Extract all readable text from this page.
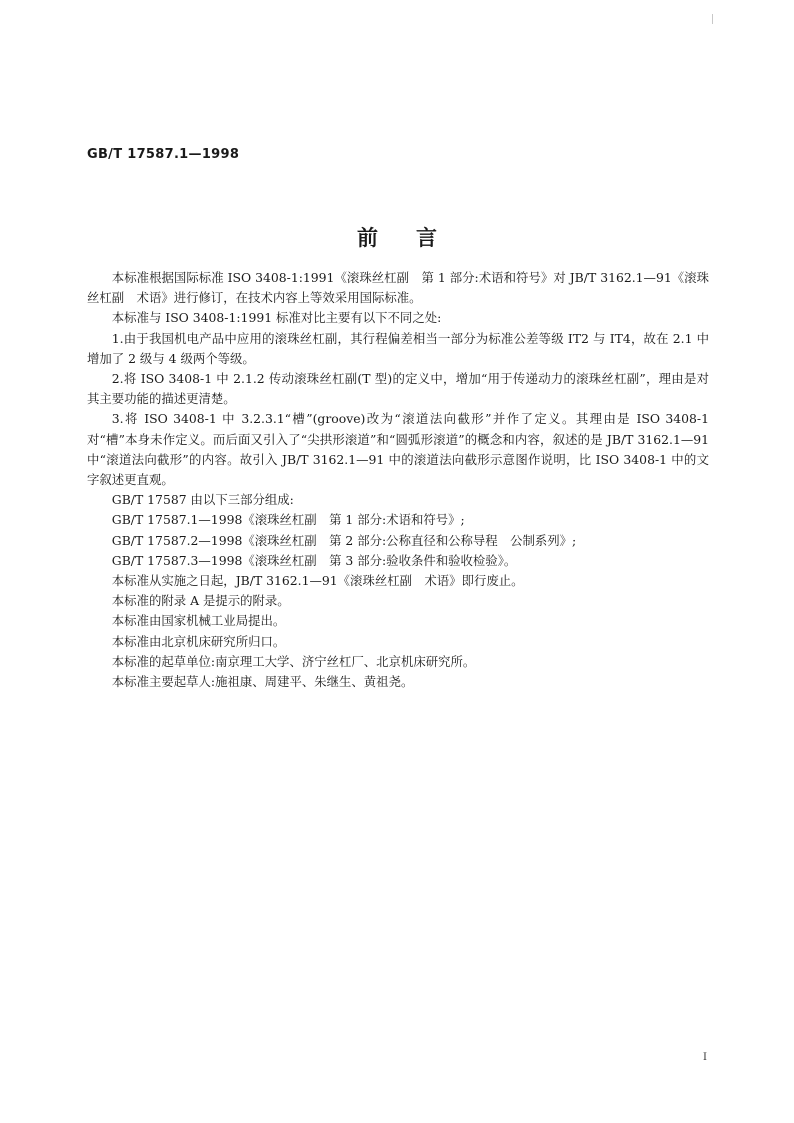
GB/T 17587.1—1998
前言

本标准根据国际标准 ISO 3408-1:1991《滚珠丝杠副　第 1 部分:术语和符号》对 JB/T 3162.1—91《滚珠丝杠副　术语》进行修订，在技术内容上等效采用国际标准。

本标准与 ISO 3408-1:1991 标准对比主要有以下不同之处:

1.由于我国机电产品中应用的滚珠丝杠副，其行程偏差相当一部分为标准公差等级 IT2 与 IT4，故在 2.1 中增加了 2 级与 4 级两个等级。

2.将 ISO 3408-1 中 2.1.2 传动滚珠丝杠副(T 型)的定义中，增加“用于传递动力的滚珠丝杠副”，理由是对其主要功能的描述更清楚。

3.将 ISO 3408-1 中 3.2.3.1“槽”(groove)改为“滚道法向截形”并作了定义。其理由是 ISO 3408-1 对“槽”本身未作定义。而后面又引入了“尖拱形滚道”和“圆弧形滚道”的概念和内容，叙述的是 JB/T 3162.1—91 中“滚道法向截形”的内容。故引入 JB/T 3162.1—91 中的滚道法向截形示意图作说明，比 ISO 3408-1 中的文字叙述更直观。

GB/T 17587 由以下三部分组成:

GB/T 17587.1—1998《滚珠丝杠副　第 1 部分:术语和符号》;

GB/T 17587.2—1998《滚珠丝杠副　第 2 部分:公称直径和公称导程　公制系列》;

GB/T 17587.3—1998《滚珠丝杠副　第 3 部分:验收条件和验收检验》。

本标准从实施之日起，JB/T 3162.1—91《滚珠丝杠副　术语》即行废止。

本标准的附录 A 是提示的附录。

本标准由国家机械工业局提出。

本标准由北京机床研究所归口。

本标准的起草单位:南京理工大学、济宁丝杠厂、北京机床研究所。

本标准主要起草人:施祖康、周建平、朱继生、黄祖尧。

I
